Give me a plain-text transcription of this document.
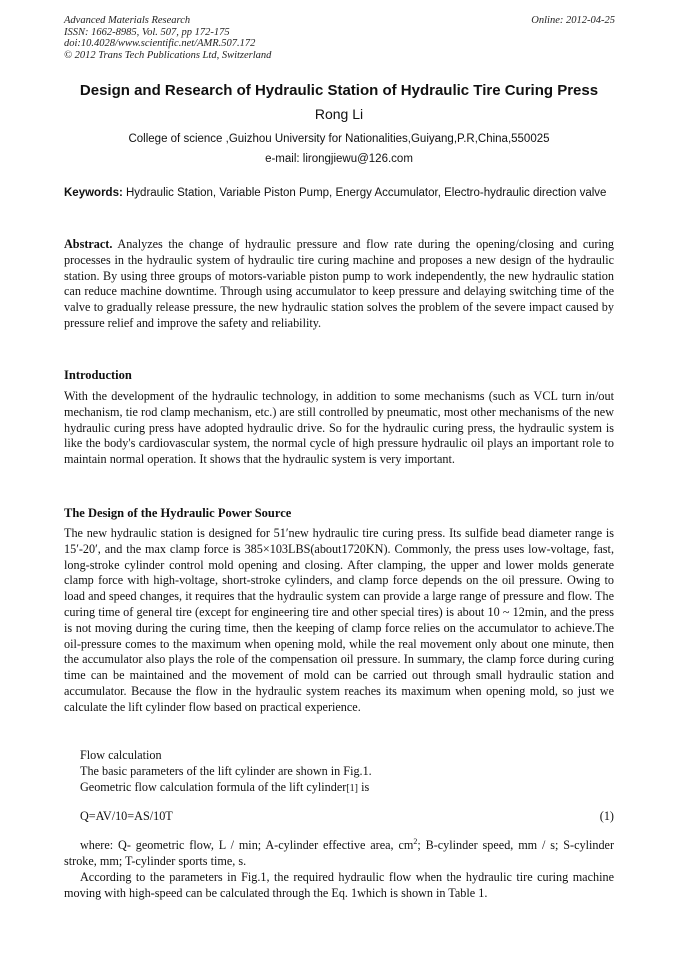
Advanced Materials Research
ISSN: 1662-8985, Vol. 507, pp 172-175
doi:10.4028/www.scientific.net/AMR.507.172
© 2012 Trans Tech Publications Ltd, Switzerland
Online: 2012-04-25
Design and Research of Hydraulic Station of Hydraulic Tire Curing Press
Rong Li
College of science ,Guizhou University for Nationalities,Guiyang,P.R,China,550025
e-mail: lirongjiewu@126.com
Keywords: Hydraulic Station, Variable Piston Pump, Energy Accumulator, Electro-hydraulic direction valve
Abstract. Analyzes the change of hydraulic pressure and flow rate during the opening/closing and curing processes in the hydraulic system of hydraulic tire curing machine and proposes a new design of the hydraulic station. By using three groups of motors-variable piston pump to work independently, the new hydraulic station can reduce machine downtime. Through using accumulator to keep pressure and delaying switching time of the valve to gradually release pressure, the new hydraulic station solves the problem of the severe impact caused by pressure relief and improve the safety and reliability.
Introduction
With the development of the hydraulic technology, in addition to some mechanisms (such as VCL turn in/out mechanism, tie rod clamp mechanism, etc.) are still controlled by pneumatic, most other mechanisms of the new hydraulic curing press have adopted hydraulic drive. So for the hydraulic curing press, the hydraulic system is like the body's cardiovascular system, the normal cycle of high pressure hydraulic oil plays an important role to maintain normal operation. It shows that the hydraulic system is very important.
The Design of the Hydraulic Power Source
The new hydraulic station is designed for 51′new hydraulic tire curing press. Its sulfide bead diameter range is 15′-20′, and the max clamp force is 385×103LBS(about1720KN). Commonly, the press uses low-voltage, fast, long-stroke cylinder control mold opening and closing. After clamping, the upper and lower molds generate clamp force with high-voltage, short-stroke cylinders, and clamp force depends on the oil pressure. Owing to load and speed changes, it requires that the hydraulic system can provide a large range of pressure and flow. The curing time of general tire (except for engineering tire and other special tires) is about 10 ~ 12min, and the press is not moving during the curing time, then the keeping of clamp force relies on the accumulator to achieve.The oil-pressure comes to the maximum when opening mold, while the real movement only about one minute, then the accumulator also plays the role of the compensation oil pressure. In summary, the clamp force during curing time can be maintained and the movement of mold can be carried out through small hydraulic station and accumulator. Because the flow in the hydraulic system reaches its maximum when opening mold, so just we calculate the lift cylinder flow based on practical experience.
Flow calculation
The basic parameters of the lift cylinder are shown in Fig.1.
Geometric flow calculation formula of the lift cylinder[1] is
Q=AV/10=AS/10T	(1)
where: Q- geometric flow, L / min; A-cylinder effective area, $cm^2$; B-cylinder speed, mm / s; S-cylinder stroke, mm; T-cylinder sports time, s.
According to the parameters in Fig.1, the required hydraulic flow when the hydraulic tire curing machine moving with high-speed can be calculated through the Eq. 1which is shown in Table 1.
